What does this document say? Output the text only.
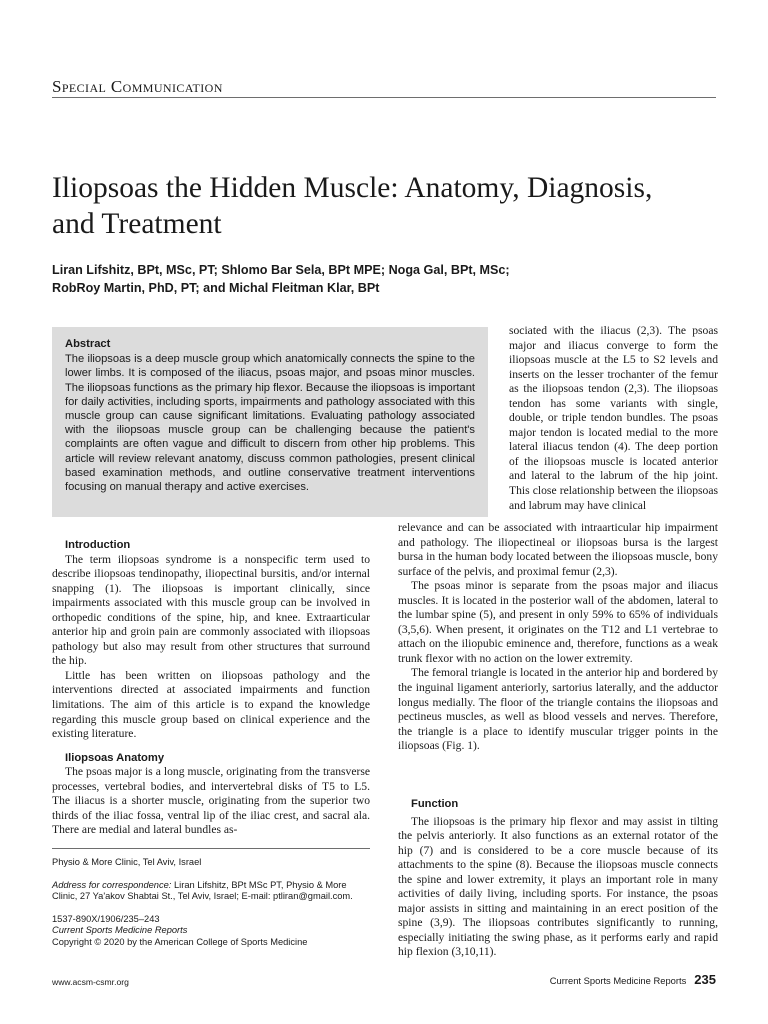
Special Communication
Iliopsoas the Hidden Muscle: Anatomy, Diagnosis, and Treatment
Liran Lifshitz, BPt, MSc, PT; Shlomo Bar Sela, BPt MPE; Noga Gal, BPt, MSc;
RobRoy Martin, PhD, PT; and Michal Fleitman Klar, BPt
Abstract
The iliopsoas is a deep muscle group which anatomically connects the spine to the lower limbs. It is composed of the iliacus, psoas major, and psoas minor muscles. The iliopsoas functions as the primary hip flexor. Because the iliopsoas is important for daily activities, including sports, impairments and pathology associated with this muscle group can cause significant limitations. Evaluating pathology associated with the iliopsoas muscle group can be challenging because the patient's complaints are often vague and difficult to discern from other hip problems. This article will review relevant anatomy, discuss common pathologies, present clinical based examination methods, and outline conservative treatment interventions focusing on manual therapy and active exercises.

sociated with the iliacus (2,3). The psoas major and iliacus converge to form the iliopsoas muscle at the L5 to S2 levels and inserts on the lesser trochanter of the femur as the iliopsoas tendon (2,3). The iliopsoas tendon has some variants with single, double, or triple tendon bundles. The psoas major tendon is located medial to the more lateral iliacus tendon (4). The deep portion of the iliopsoas muscle is located anterior and lateral to the labrum of the hip joint. This close relationship between the iliopsoas and labrum may have clinical

relevance and can be associated with intraarticular hip impairment and pathology. The iliopectineal or iliopsoas bursa is the largest bursa in the human body located between the iliopsoas muscle, bony surface of the pelvis, and proximal femur (2,3).

The psoas minor is separate from the psoas major and iliacus muscles. It is located in the posterior wall of the abdomen, lateral to the lumbar spine (5), and present in only 59% to 65% of individuals (3,5,6). When present, it originates on the T12 and L1 vertebrae to attach on the iliopubic eminence and, therefore, functions as a weak trunk flexor with no action on the lower extremity.

The femoral triangle is located in the anterior hip and bordered by the inguinal ligament anteriorly, sartorius laterally, and the adductor longus medially. The floor of the triangle contains the iliopsoas and pectineus muscles, as well as blood vessels and nerves. Therefore, the triangle is a place to identify muscular trigger points in the iliopsoas (Fig. 1).

Function

The iliopsoas is the primary hip flexor and may assist in tilting the pelvis anteriorly. It also functions as an external rotator of the hip (7) and is considered to be a core muscle because of its attachments to the spine (8). Because the iliopsoas muscle connects the spine and lower extremity, it plays an important role in many activities of daily living, including sports. For instance, the psoas major assists in sitting and maintaining in an erect position of the spine (3,9). The iliopsoas contributes significantly to running, especially initiating the swing phase, as it performs early and rapid hip flexion (3,10,11).

Introduction

The term iliopsoas syndrome is a nonspecific term used to describe iliopsoas tendinopathy, iliopectinal bursitis, and/or internal snapping (1). The iliopsoas is important clinically, since impairments associated with this muscle group can be involved in orthopedic conditions of the spine, hip, and knee. Extraarticular anterior hip and groin pain are commonly associated with iliopsoas pathology but also may result from other structures that surround the hip.

Little has been written on iliopsoas pathology and the interventions directed at associated impairments and function limitations. The aim of this article is to expand the knowledge regarding this muscle group based on clinical experience and the existing literature.

Iliopsoas Anatomy

The psoas major is a long muscle, originating from the transverse processes, vertebral bodies, and intervertebral disks of T5 to L5. The iliacus is a shorter muscle, originating from the superior two thirds of the iliac fossa, ventral lip of the iliac crest, and sacral ala. There are medial and lateral bundles as-

Physio & More Clinic, Tel Aviv, Israel

Address for correspondence: Liran Lifshitz, BPt MSc PT, Physio & More Clinic, 27 Ya'akov Shabtai St., Tel Aviv, Israel; E-mail: ptliran@gmail.com.

1537-890X/1906/235–243

Current Sports Medicine Reports

Copyright © 2020 by the American College of Sports Medicine

www.acsm-csmr.org	Current Sports Medicine Reports 235
